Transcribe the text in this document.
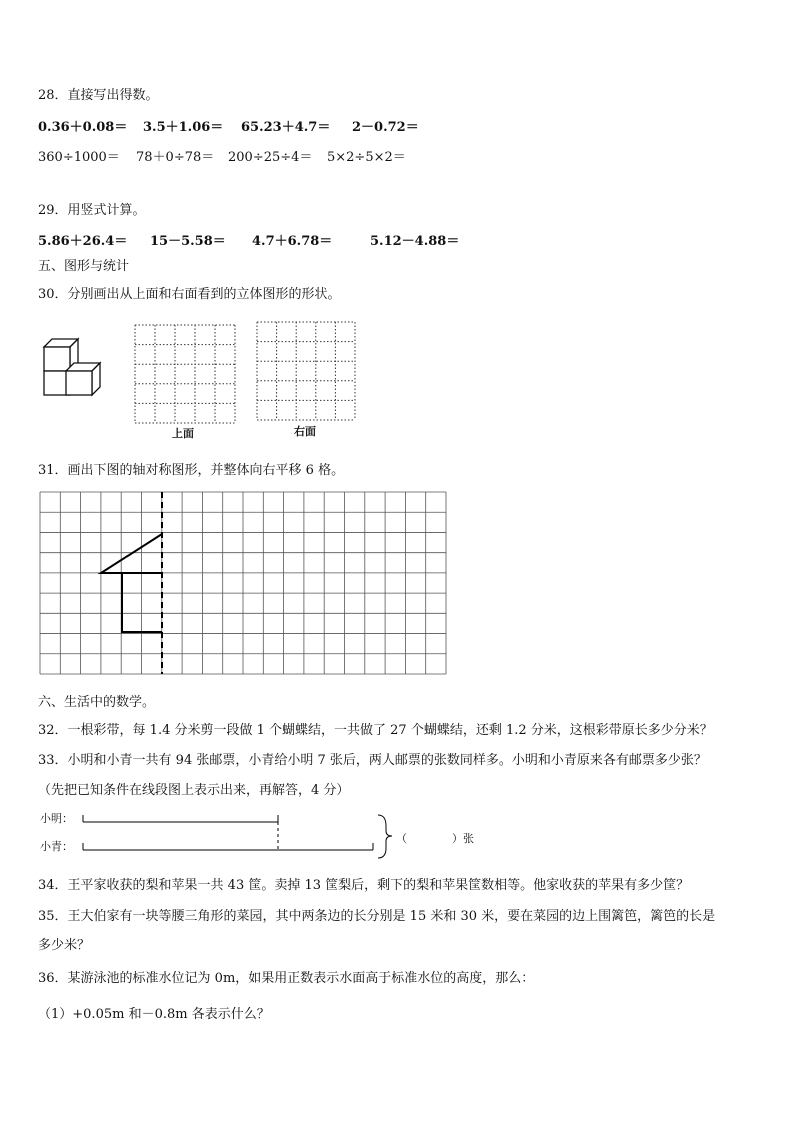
28．直接写出得数。
0.36＋0.08＝ 3.5＋1.06＝ 65.23＋4.7＝ 2－0.72＝
360÷1000＝ 78＋0÷78＝ 200÷25÷4＝ 5×2÷5×2＝
29．用竖式计算。
5.86＋26.4＝ 15－5.58＝ 4.7＋6.78＝	5.12－4.88＝
五、图形与统计
30．分别画出从上面和右面看到的立体图形的形状。
上面	右面
31．画出下图的轴对称图形，并整体向右平移 6 格。
六、生活中的数学。
32．一根彩带，每 1.4 分米剪一段做 1 个蝴蝶结，一共做了 27 个蝴蝶结，还剩 1.2 分米，这根彩带原长多少分米？
33．小明和小青一共有 94 张邮票，小青给小明 7 张后，两人邮票的张数同样多。小明和小青原来各有邮票多少张？
（先把已知条件在线段图上表示出来，再解答，4 分）
小明：
小青：
（	）张
34．王平家收获的梨和苹果一共 43 筐。卖掉 13 筐梨后，剩下的梨和苹果筐数相等。他家收获的苹果有多少筐？
35．王大伯家有一块等腰三角形的菜园，其中两条边的长分别是 15 米和 30 米，要在菜园的边上围篱笆，篱笆的长是
多少米？
36．某游泳池的标准水位记为 0m，如果用正数表示水面高于标准水位的高度，那么：
（1）+0.05m 和－0.8m 各表示什么？
